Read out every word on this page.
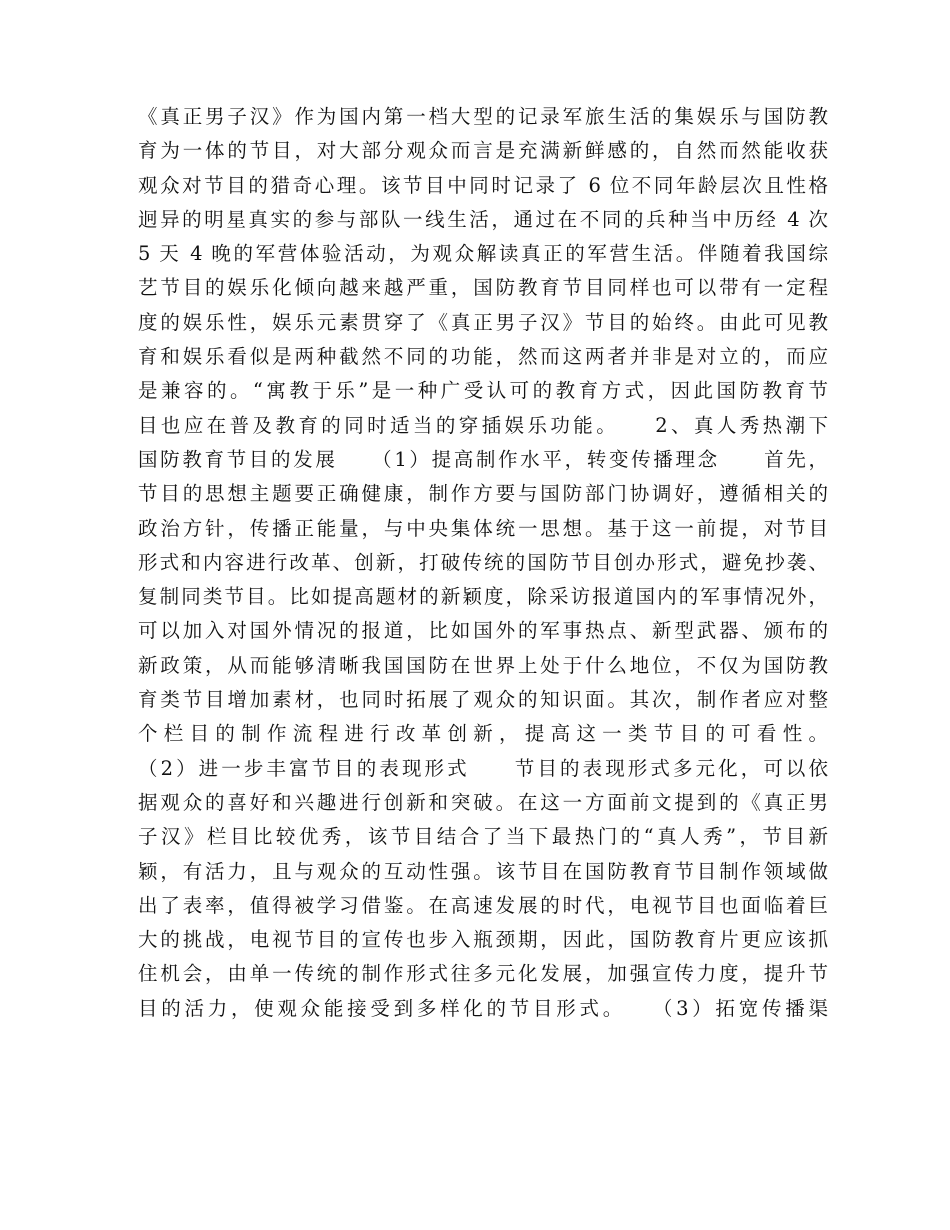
《真正男子汉》作为国内第一档大型的记录军旅生活的集娱乐与国防教
育为一体的节目，对大部分观众而言是充满新鲜感的，自然而然能收获
观众对节目的猎奇心理。该节目中同时记录了 6 位不同年龄层次且性格
迥异的明星真实的参与部队一线生活，通过在不同的兵种当中历经 4 次
5 天 4 晚的军营体验活动，为观众解读真正的军营生活。伴随着我国综
艺节目的娱乐化倾向越来越严重，国防教育节目同样也可以带有一定程
度的娱乐性，娱乐元素贯穿了《真正男子汉》节目的始终。由此可见教
育和娱乐看似是两种截然不同的功能，然而这两者并非是对立的，而应
是兼容的。“寓教于乐”是一种广受认可的教育方式，因此国防教育节
目也应在普及教育的同时适当的穿插娱乐功能。　　2、真人秀热潮下
国防教育节目的发展　　（1）提高制作水平，转变传播理念　　首先，
节目的思想主题要正确健康，制作方要与国防部门协调好，遵循相关的
政治方针，传播正能量，与中央集体统一思想。基于这一前提，对节目
形式和内容进行改革、创新，打破传统的国防节目创办形式，避免抄袭、
复制同类节目。比如提高题材的新颖度，除采访报道国内的军事情况外，
可以加入对国外情况的报道，比如国外的军事热点、新型武器、颁布的
新政策，从而能够清晰我国国防在世界上处于什么地位，不仅为国防教
育类节目增加素材，也同时拓展了观众的知识面。其次，制作者应对整
个栏目的制作流程进行改革创新，提高这一类节目的可看性。
（2）进一步丰富节目的表现形式　　节目的表现形式多元化，可以依
据观众的喜好和兴趣进行创新和突破。在这一方面前文提到的《真正男
子汉》栏目比较优秀，该节目结合了当下最热门的“真人秀”，节目新
颖，有活力，且与观众的互动性强。该节目在国防教育节目制作领域做
出了表率，值得被学习借鉴。在高速发展的时代，电视节目也面临着巨
大的挑战，电视节目的宣传也步入瓶颈期，因此，国防教育片更应该抓
住机会，由单一传统的制作形式往多元化发展，加强宣传力度，提升节
目的活力，使观众能接受到多样化的节目形式。　　（3）拓宽传播渠
